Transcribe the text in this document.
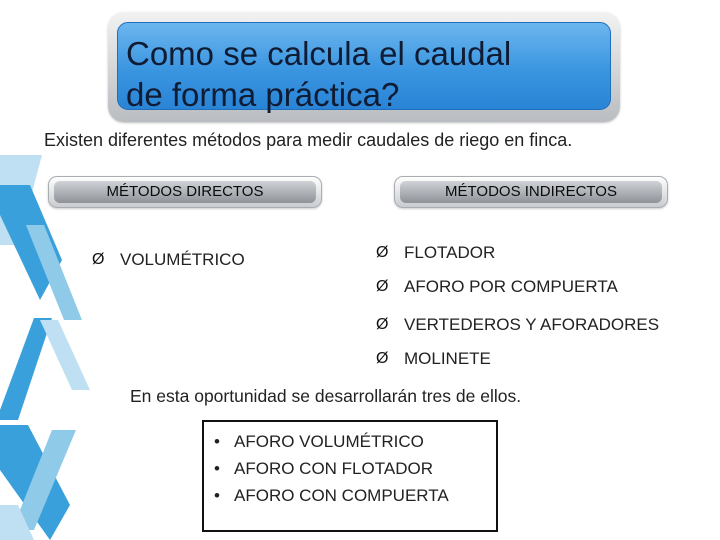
Como se calcula el caudal
de forma práctica?
Existen diferentes métodos para medir caudales de riego en finca.
MÉTODOS DIRECTOS	MÉTODOS INDIRECTOS
Ø VOLUMÉTRICO	Ø FLOTADOR
Ø AFORO POR COMPUERTA
Ø VERTEDEROS Y AFORADORES
Ø MOLINETE
En esta oportunidad se desarrollarán tres de ellos.
• AFORO VOLUMÉTRICO
• AFORO CON FLOTADOR
• AFORO CON COMPUERTA
